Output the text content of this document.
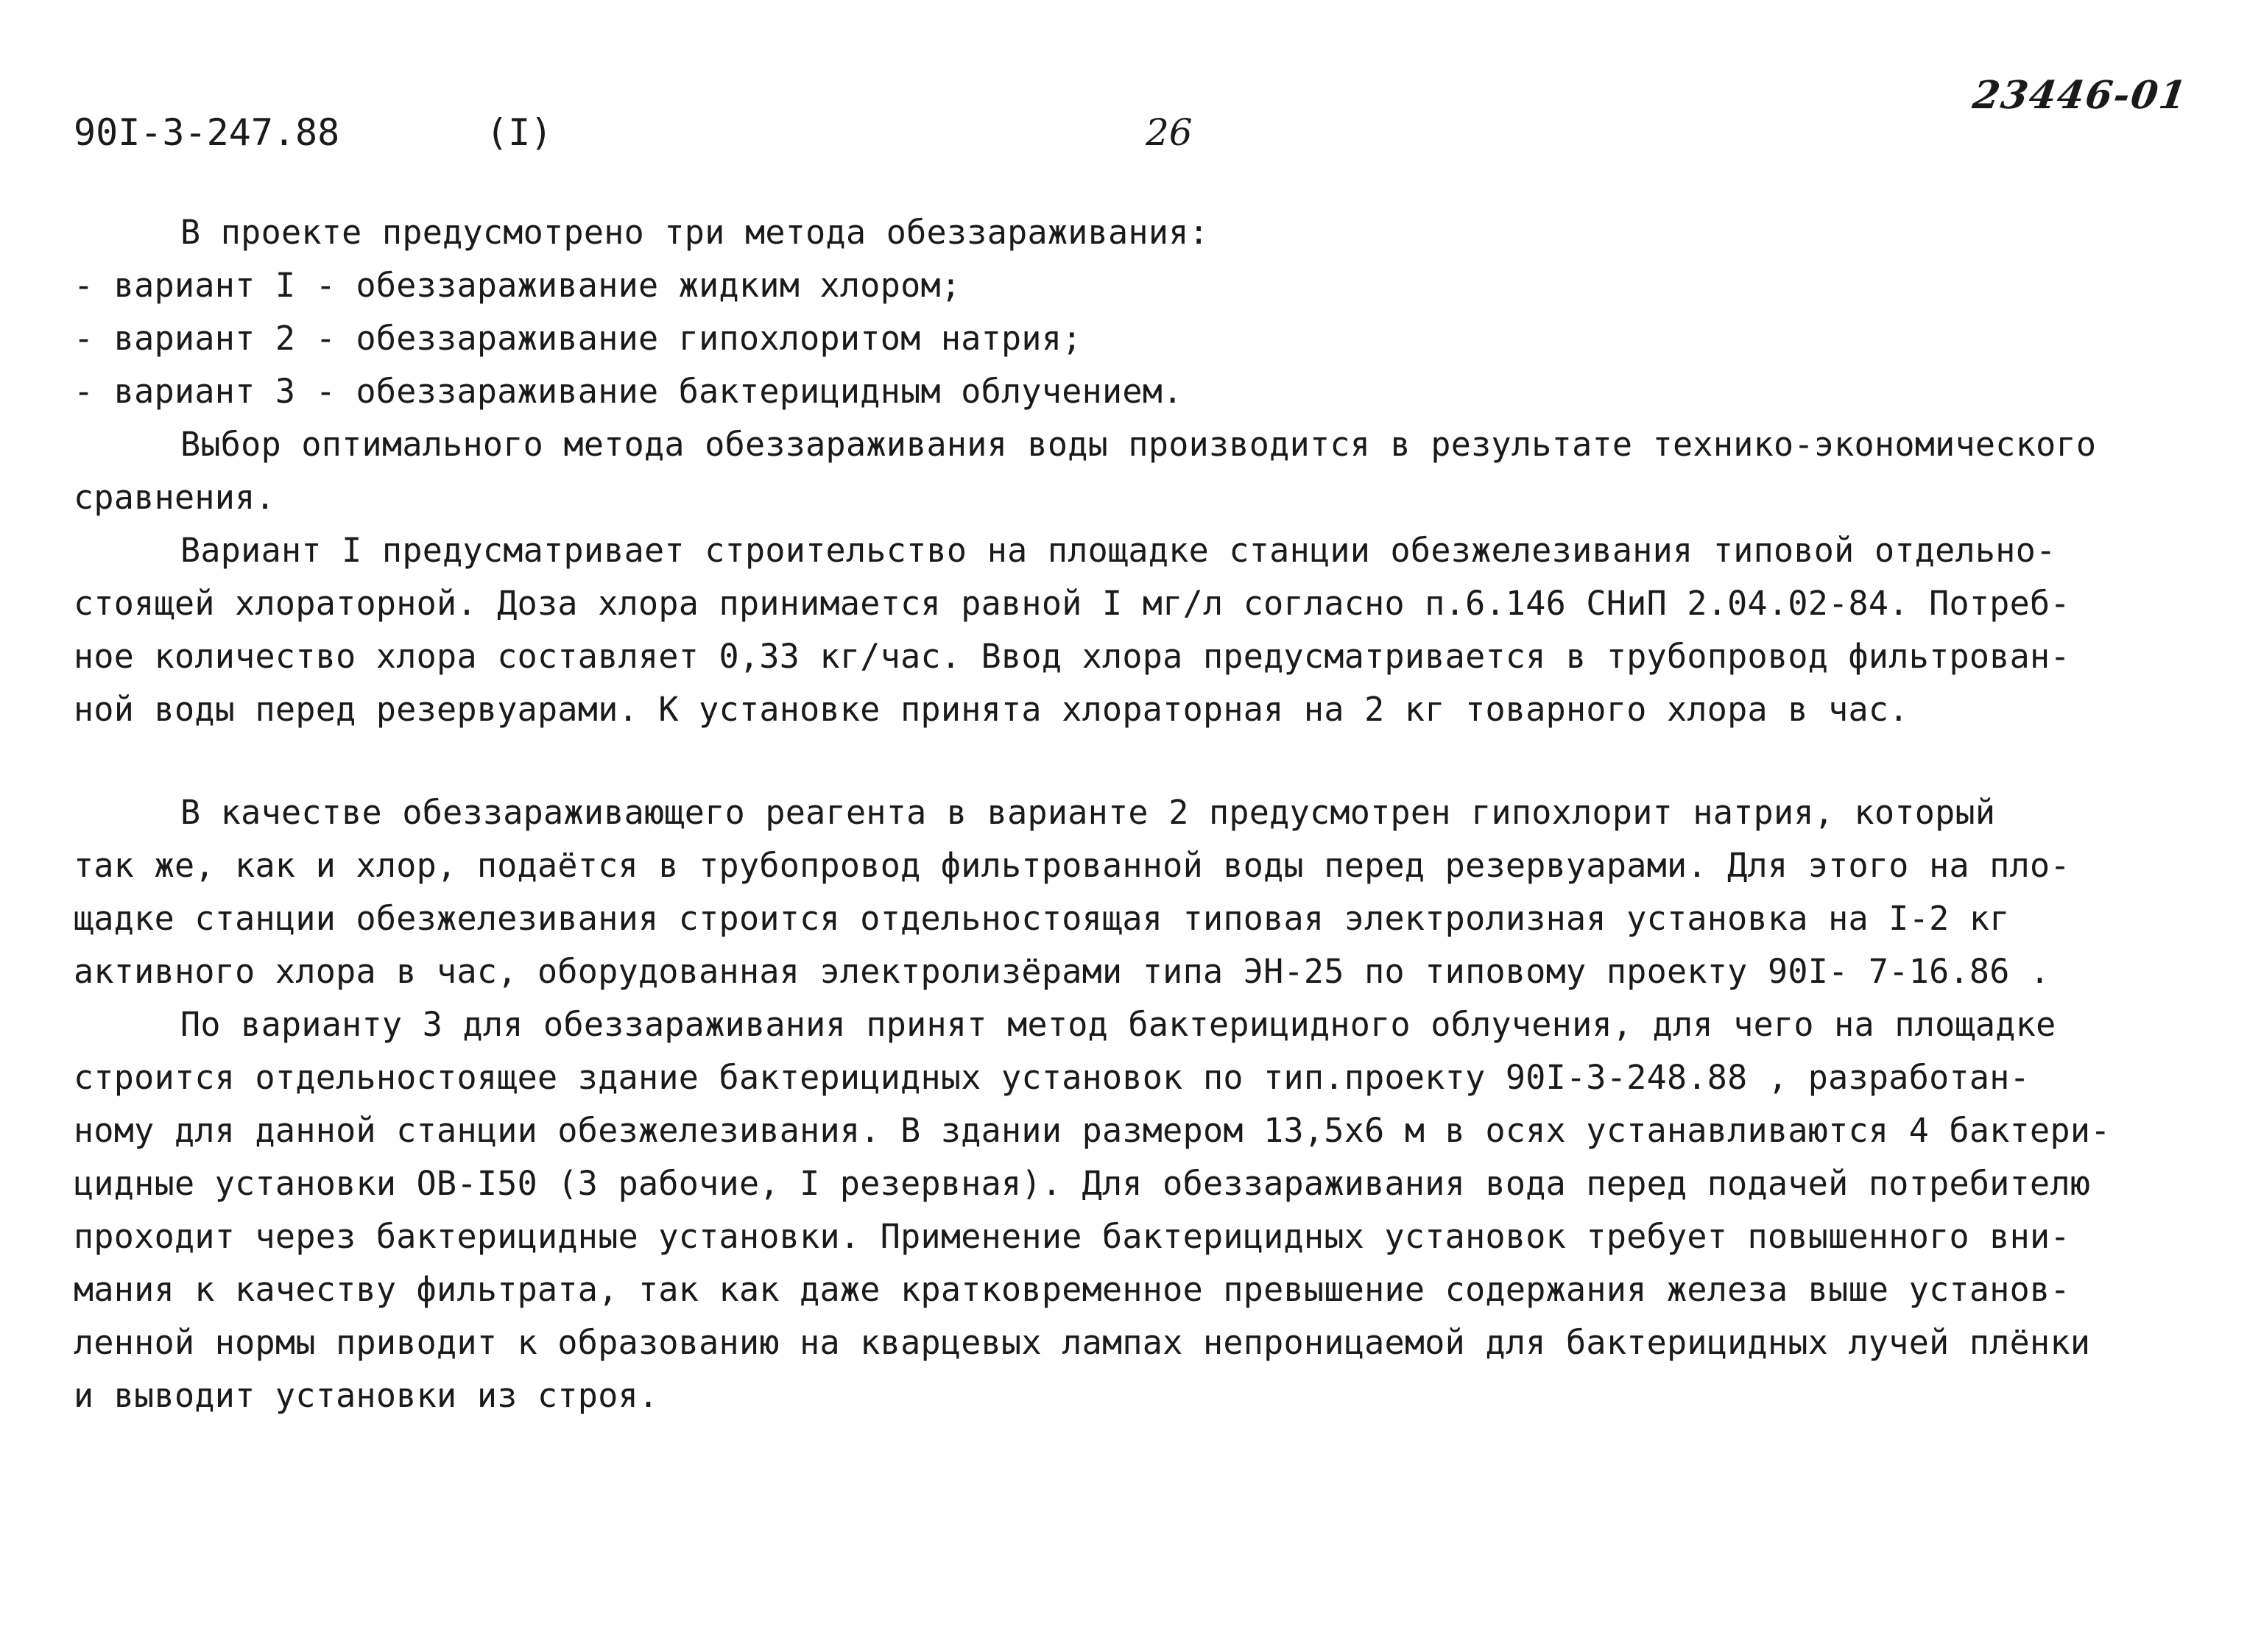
90I-3-247.88	(I)	26
23446-01
В проекте предусмотрено три метода обеззараживания:
- вариант I - обеззараживание жидким хлором;
- вариант 2 - обеззараживание гипохлоритом натрия;
- вариант 3 - обеззараживание бактерицидным облучением.
Выбор оптимального метода обеззараживания воды производится в результате технико-экономического
сравнения.
Вариант I предусматривает строительство на площадке станции обезжелезивания типовой отдельно-
стоящей хлораторной. Доза хлора принимается равной I мг/л согласно п.6.146 СНиП 2.04.02-84. Потреб-
ное количество хлора составляет 0,33 кг/час. Ввод хлора предусматривается в трубопровод фильтрован-
ной воды перед резервуарами. К установке принята хлораторная на 2 кг товарного хлора в час.
В качестве обеззараживающего реагента в варианте 2 предусмотрен гипохлорит натрия, который
так же, как и хлор, подаётся в трубопровод фильтрованной воды перед резервуарами. Для этого на пло-
щадке станции обезжелезивания строится отдельностоящая типовая электролизная установка на I-2 кг
активного хлора в час, оборудованная электролизёрами типа ЭН-25 по типовому проекту 90I- 7-16.86 .
По варианту 3 для обеззараживания принят метод бактерицидного облучения, для чего на площадке
строится отдельностоящее здание бактерицидных установок по тип.проекту 90I-3-248.88 , разработан-
ному для данной станции обезжелезивания. В здании размером 13,5x6 м в осях устанавливаются 4 бактери-
цидные установки ОВ-I50 (3 рабочие, I резервная). Для обеззараживания вода перед подачей потребителю
проходит через бактерицидные установки. Применение бактерицидных установок требует повышенного вни-
мания к качеству фильтрата, так как даже кратковременное превышение содержания железа выше установ-
ленной нормы приводит к образованию на кварцевых лампах непроницаемой для бактерицидных лучей плёнки
и выводит установки из строя.
